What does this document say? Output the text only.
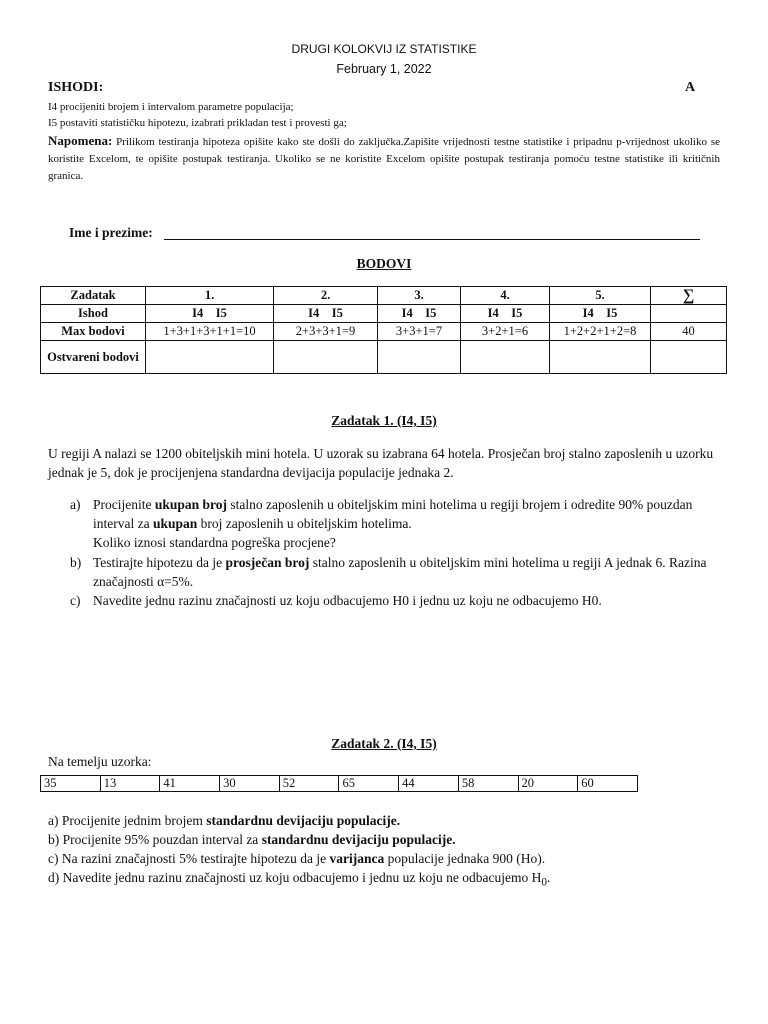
DRUGI KOLOKVIJ IZ STATISTIKE
February 1, 2022
ISHODI:	A
I4 procijeniti brojem i intervalom parametre populacija;
I5 postaviti statističku hipotezu, izabrati prikladan test i provesti ga;
Napomena: Prilikom testiranja hipoteza opišite kako ste došli do zaključka.Zapišite vrijednosti testne statistike i pripadnu p-vrijednost ukoliko se koristite Excelom, te opišite postupak testiranja. Ukoliko se ne koristite Excelom opišite postupak testiranja pomoću testne statistike ili kritičnih granica.
Ime i prezime:
BODOVI
Zadatak	1.	2.	3.	4.	5.	∑
Ishod	I4    I5	I4    I5	I4    I5	I4    I5	I4    I5	
Max bodovi	1+3+1+3+1+1=10	2+3+3+1=9	3+3+1=7	3+2+1=6	1+2+2+1+2=8	40
Ostvareni bodovi						
Zadatak 1. (I4, I5)
U regiji A nalazi se 1200 obiteljskih mini hotela. U uzorak su izabrana 64 hotela. Prosječan broj stalno zaposlenih u uzorku jednak je 5, dok je procijenjena standardna devijacija populacije jednaka 2.
a) Procijenite ukupan broj stalno zaposlenih u obiteljskim mini hotelima u regiji brojem i odredite 90% pouzdan interval za ukupan broj zaposlenih u obiteljskim hotelima.
Koliko iznosi standardna pogreška procjene?
b) Testirajte hipotezu da je prosječan broj stalno zaposlenih u obiteljskim mini hotelima u regiji A jednak 6. Razina značajnosti α=5%.
c) Navedite jednu razinu značajnosti uz koju odbacujemo H0 i jednu uz koju ne odbacujemo H0.
Zadatak 2. (I4, I5)
Na temelju uzorka:
35	13	41	30	52	65	44	58	20	60
a) Procijenite jednim brojem standardnu devijaciju populacije.
b) Procijenite 95% pouzdan interval za standardnu devijaciju populacije.
c) Na razini značajnosti 5% testirajte hipotezu da je varijanca populacije jednaka 900 (Ho).
d) Navedite jednu razinu značajnosti uz koju odbacujemo i jednu uz koju ne odbacujemo $H_0$.
